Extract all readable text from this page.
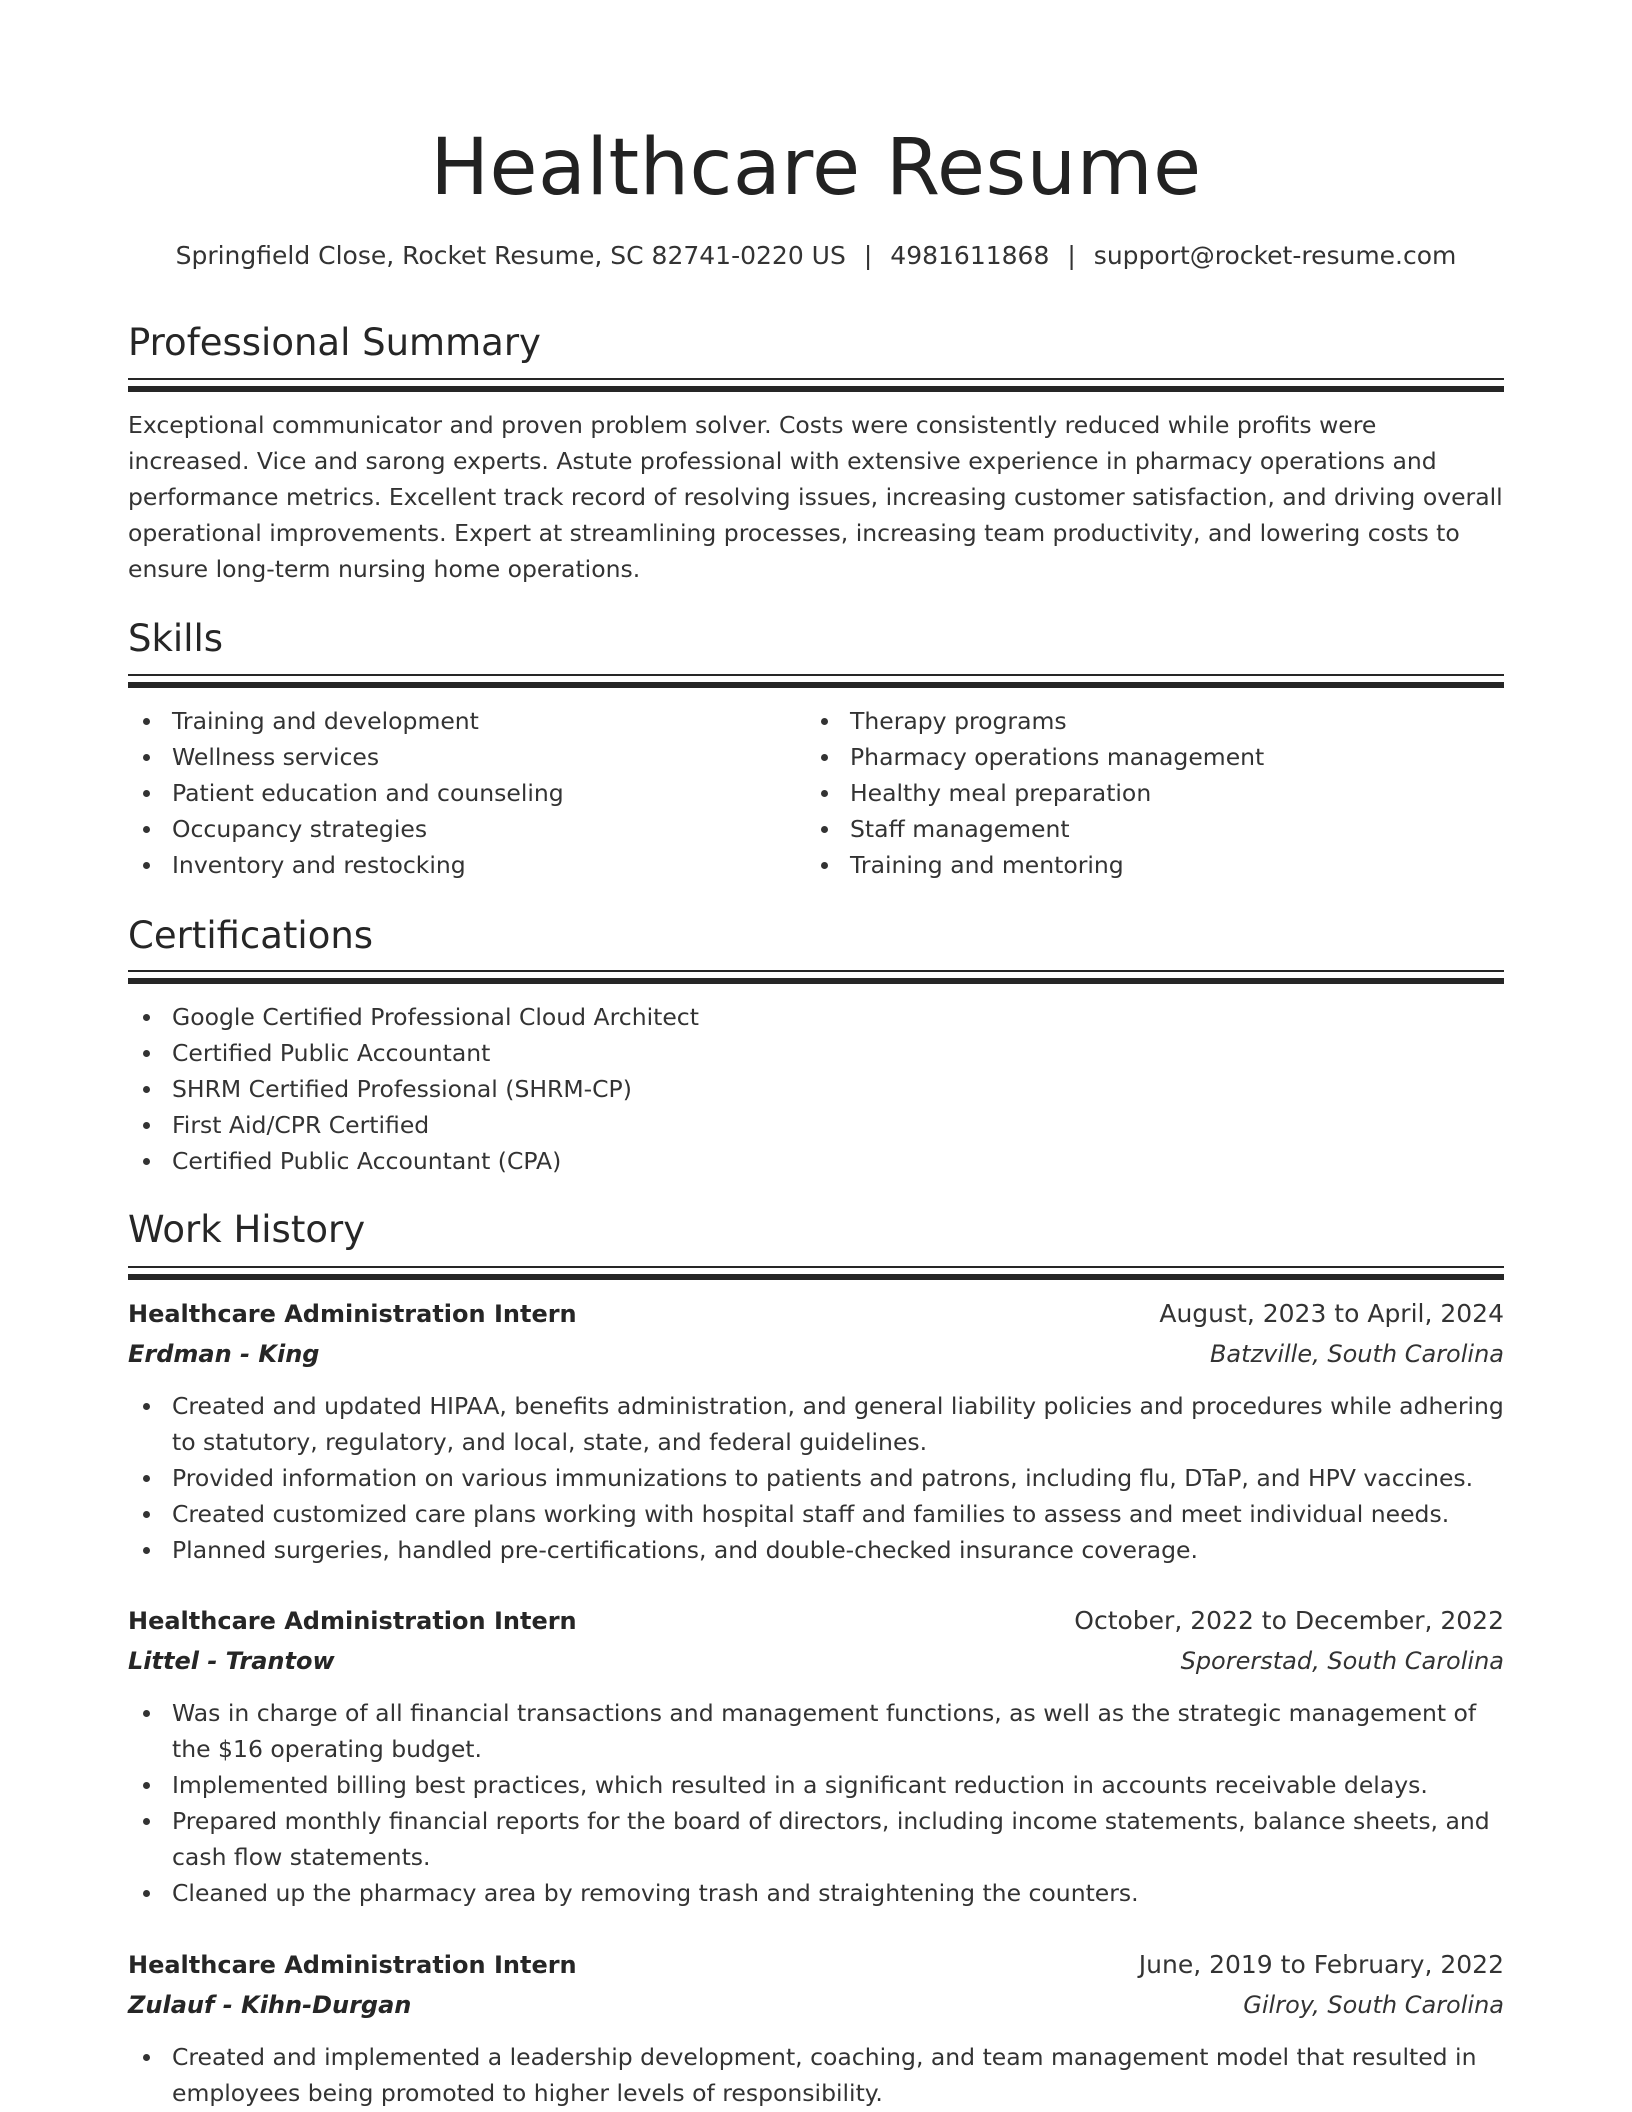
Healthcare Resume
Springfield Close, Rocket Resume, SC 82741-0220 US | 4981611868 | support@rocket-resume.com
Professional Summary

Exceptional communicator and proven problem solver. Costs were consistently reduced while profits were increased. Vice and sarong experts. Astute professional with extensive experience in pharmacy operations and performance metrics. Excellent track record of resolving issues, increasing customer satisfaction, and driving overall operational improvements. Expert at streamlining processes, increasing team productivity, and lowering costs to ensure long-term nursing home operations.

Skills
Training and development
Wellness services
Patient education and counseling
Occupancy strategies
Inventory and restocking
Therapy programs
Pharmacy operations management
Healthy meal preparation
Staff management
Training and mentoring
Certifications
Google Certified Professional Cloud Architect
Certified Public Accountant
SHRM Certified Professional (SHRM-CP)
First Aid/CPR Certified
Certified Public Accountant (CPA)
Work History
Healthcare Administration Intern	August, 2023 to April, 2024
Erdman - King	Batzville, South Carolina
Created and updated HIPAA, benefits administration, and general liability policies and procedures while adhering to statutory, regulatory, and local, state, and federal guidelines.
Provided information on various immunizations to patients and patrons, including flu, DTaP, and HPV vaccines.
Created customized care plans working with hospital staff and families to assess and meet individual needs.
Planned surgeries, handled pre-certifications, and double-checked insurance coverage.
Healthcare Administration Intern	October, 2022 to December, 2022
Littel - Trantow	Sporerstad, South Carolina
Was in charge of all financial transactions and management functions, as well as the strategic management of the $16 operating budget.
Implemented billing best practices, which resulted in a significant reduction in accounts receivable delays.
Prepared monthly financial reports for the board of directors, including income statements, balance sheets, and cash flow statements.
Cleaned up the pharmacy area by removing trash and straightening the counters.
Healthcare Administration Intern	June, 2019 to February, 2022
Zulauf - Kihn-Durgan	Gilroy, South Carolina
Created and implemented a leadership development, coaching, and team management model that resulted in employees being promoted to higher levels of responsibility.
